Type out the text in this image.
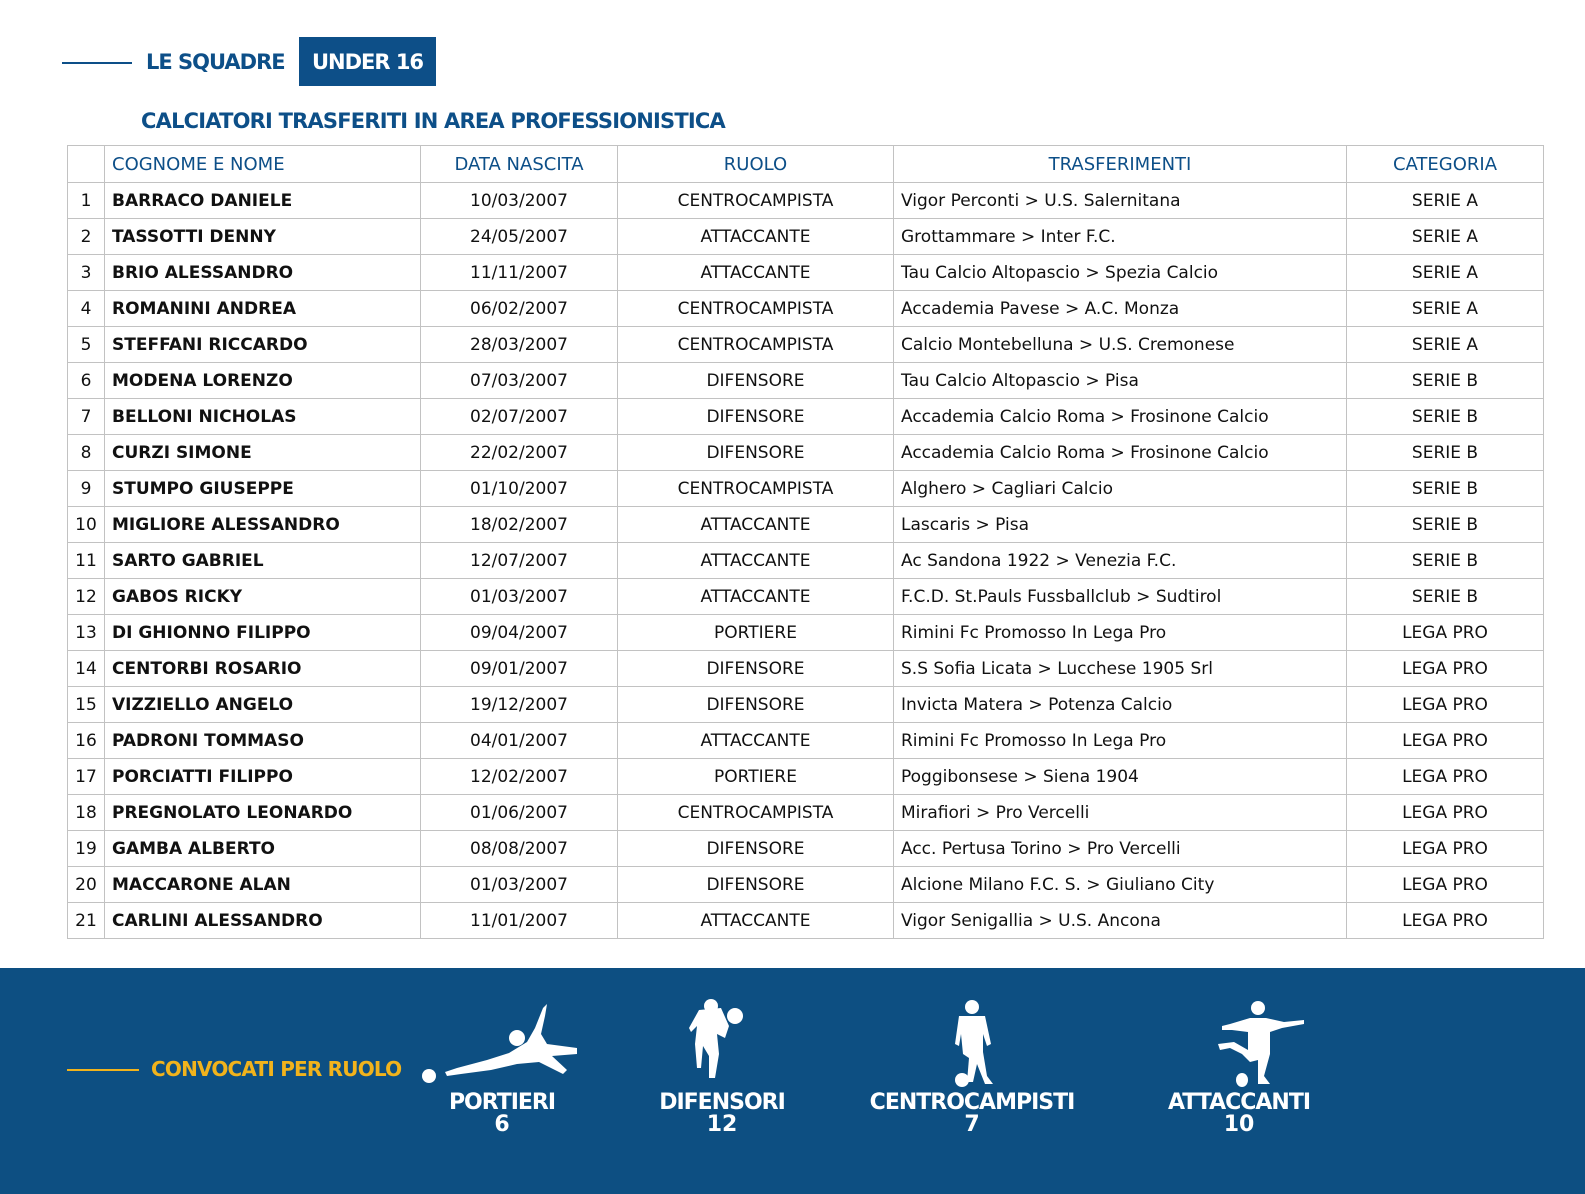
LE SQUADRE	UNDER 16
CALCIATORI TRASFERITI IN AREA PROFESSIONISTICA
	COGNOME E NOME	DATA NASCITA	RUOLO	TRASFERIMENTI	CATEGORIA
1	BARRACO DANIELE	10/03/2007	CENTROCAMPISTA	Vigor Perconti > U.S. Salernitana	SERIE A
2	TASSOTTI DENNY	24/05/2007	ATTACCANTE	Grottammare > Inter F.C.	SERIE A
3	BRIO ALESSANDRO	11/11/2007	ATTACCANTE	Tau Calcio Altopascio > Spezia Calcio	SERIE A
4	ROMANINI ANDREA	06/02/2007	CENTROCAMPISTA	Accademia Pavese > A.C. Monza	SERIE A
5	STEFFANI RICCARDO	28/03/2007	CENTROCAMPISTA	Calcio Montebelluna > U.S. Cremonese	SERIE A
6	MODENA LORENZO	07/03/2007	DIFENSORE	Tau Calcio Altopascio > Pisa	SERIE B
7	BELLONI NICHOLAS	02/07/2007	DIFENSORE	Accademia Calcio Roma > Frosinone Calcio	SERIE B
8	CURZI SIMONE	22/02/2007	DIFENSORE	Accademia Calcio Roma > Frosinone Calcio	SERIE B
9	STUMPO GIUSEPPE	01/10/2007	CENTROCAMPISTA	Alghero > Cagliari Calcio	SERIE B
10	MIGLIORE ALESSANDRO	18/02/2007	ATTACCANTE	Lascaris > Pisa	SERIE B
11	SARTO GABRIEL	12/07/2007	ATTACCANTE	Ac Sandona 1922 > Venezia F.C.	SERIE B
12	GABOS RICKY	01/03/2007	ATTACCANTE	F.C.D. St.Pauls Fussballclub > Sudtirol	SERIE B
13	DI GHIONNO FILIPPO	09/04/2007	PORTIERE	Rimini Fc Promosso In Lega Pro	LEGA PRO
14	CENTORBI ROSARIO	09/01/2007	DIFENSORE	S.S Sofia Licata > Lucchese 1905 Srl	LEGA PRO
15	VIZZIELLO ANGELO	19/12/2007	DIFENSORE	Invicta Matera > Potenza Calcio	LEGA PRO
16	PADRONI TOMMASO	04/01/2007	ATTACCANTE	Rimini Fc Promosso In Lega Pro	LEGA PRO
17	PORCIATTI FILIPPO	12/02/2007	PORTIERE	Poggibonsese > Siena 1904	LEGA PRO
18	PREGNOLATO LEONARDO	01/06/2007	CENTROCAMPISTA	Mirafiori > Pro Vercelli	LEGA PRO
19	GAMBA ALBERTO	08/08/2007	DIFENSORE	Acc. Pertusa Torino > Pro Vercelli	LEGA PRO
20	MACCARONE ALAN	01/03/2007	DIFENSORE	Alcione Milano F.C. S. > Giuliano City	LEGA PRO
21	CARLINI ALESSANDRO	11/01/2007	ATTACCANTE	Vigor Senigallia > U.S. Ancona	LEGA PRO
CONVOCATI PER RUOLO
PORTIERI
6
DIFENSORI
12
CENTROCAMPISTI
7
ATTACCANTI
10
